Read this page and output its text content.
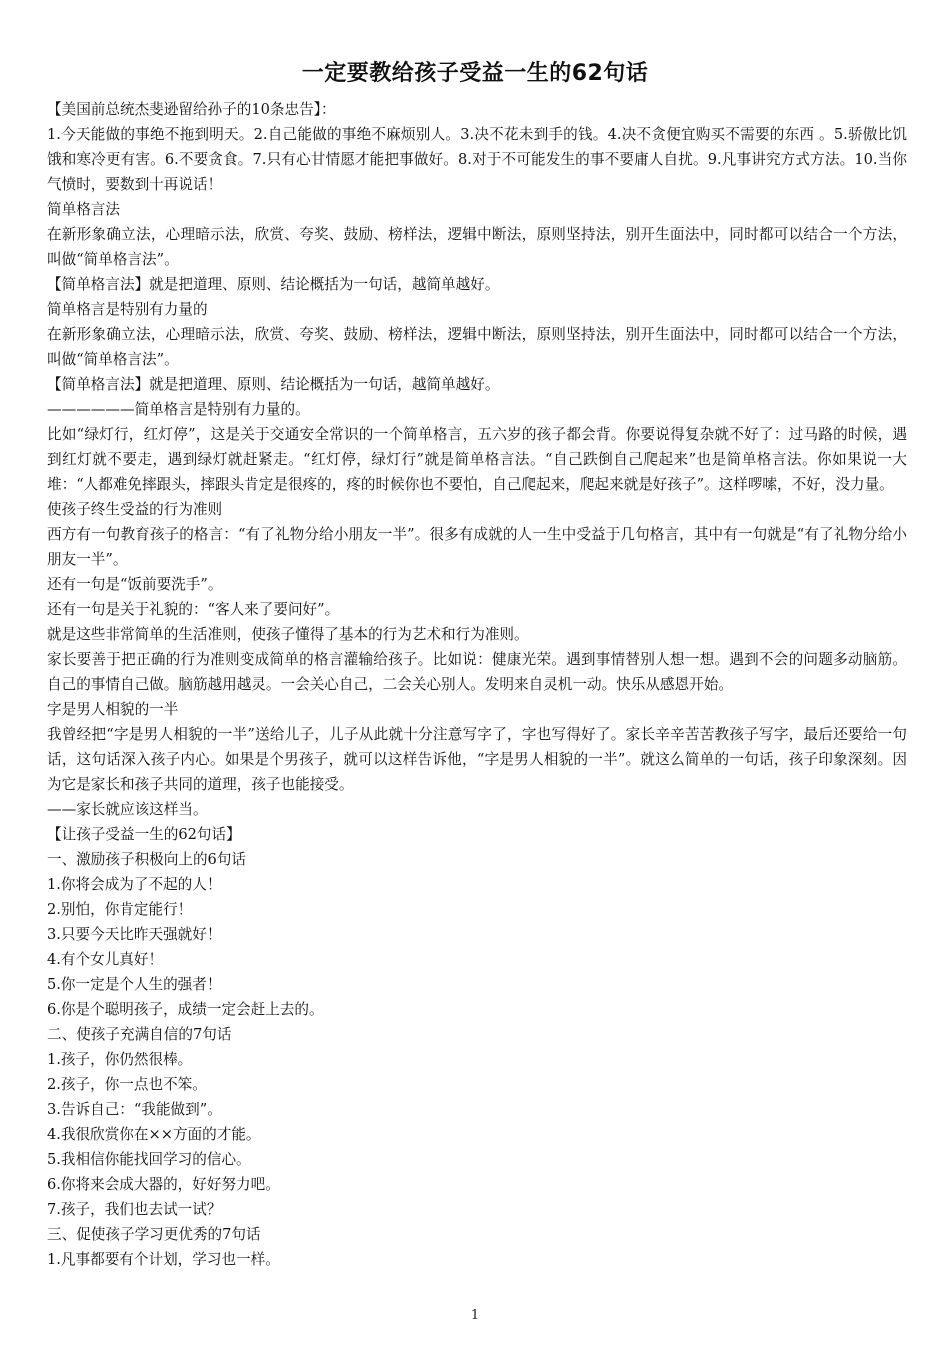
一定要教给孩子受益一生的62句话

【美国前总统杰斐逊留给孙子的10条忠告】：

1.今天能做的事绝不拖到明天。2.自己能做的事绝不麻烦别人。3.决不花未到手的钱。4.决不贪便宜购买不需要的东西 。5.骄傲比饥饿和寒冷更有害。6.不要贪食。7.只有心甘情愿才能把事做好。8.对于不可能发生的事不要庸人自扰。9.凡事讲究方式方法。10.当你气愤时，要数到十再说话！

简单格言法

在新形象确立法，心理暗示法，欣赏、夸奖、鼓励、榜样法，逻辑中断法，原则坚持法，别开生面法中，同时都可以结合一个方法，叫做“简单格言法”。

【简单格言法】就是把道理、原则、结论概括为一句话，越简单越好。

简单格言是特别有力量的

在新形象确立法，心理暗示法，欣赏、夸奖、鼓励、榜样法，逻辑中断法，原则坚持法，别开生面法中，同时都可以结合一个方法，叫做“简单格言法”。

【简单格言法】就是把道理、原则、结论概括为一句话，越简单越好。

——————简单格言是特别有力量的。

比如“绿灯行，红灯停”，这是关于交通安全常识的一个简单格言，五六岁的孩子都会背。你要说得复杂就不好了：过马路的时候，遇到红灯就不要走，遇到绿灯就赶紧走。“红灯停，绿灯行”就是简单格言法。“自己跌倒自己爬起来”也是简单格言法。你如果说一大堆：“人都难免摔跟头，摔跟头肯定是很疼的，疼的时候你也不要怕，自己爬起来，爬起来就是好孩子”。这样啰嗦，不好，没力量。

使孩子终生受益的行为准则

西方有一句教育孩子的格言：“有了礼物分给小朋友一半”。很多有成就的人一生中受益于几句格言，其中有一句就是“有了礼物分给小朋友一半”。

还有一句是“饭前要洗手”。

还有一句是关于礼貌的：“客人来了要问好”。

就是这些非常简单的生活准则，使孩子懂得了基本的行为艺术和行为准则。

家长要善于把正确的行为准则变成简单的格言灌输给孩子。比如说：健康光荣。遇到事情替别人想一想。遇到不会的问题多动脑筋。自己的事情自己做。脑筋越用越灵。一会关心自己，二会关心别人。发明来自灵机一动。快乐从感恩开始。

字是男人相貌的一半

我曾经把“字是男人相貌的一半”送给儿子，儿子从此就十分注意写字了，字也写得好了。家长辛辛苦苦教孩子写字，最后还要给一句话，这句话深入孩子内心。如果是个男孩子，就可以这样告诉他，“字是男人相貌的一半”。就这么简单的一句话，孩子印象深刻。因为它是家长和孩子共同的道理，孩子也能接受。

——家长就应该这样当。

【让孩子受益一生的62句话】

一、激励孩子积极向上的6句话

1.你将会成为了不起的人！

2.别怕，你肯定能行！

3.只要今天比昨天强就好！

4.有个女儿真好！

5.你一定是个人生的强者！

6.你是个聪明孩子，成绩一定会赶上去的。

二、使孩子充满自信的7句话

1.孩子，你仍然很棒。

2.孩子，你一点也不笨。

3.告诉自己：“我能做到”。

4.我很欣赏你在××方面的才能。

5.我相信你能找回学习的信心。

6.你将来会成大器的，好好努力吧。

7.孩子，我们也去试一试？

三、促使孩子学习更优秀的7句话

1.凡事都要有个计划，学习也一样。

1
